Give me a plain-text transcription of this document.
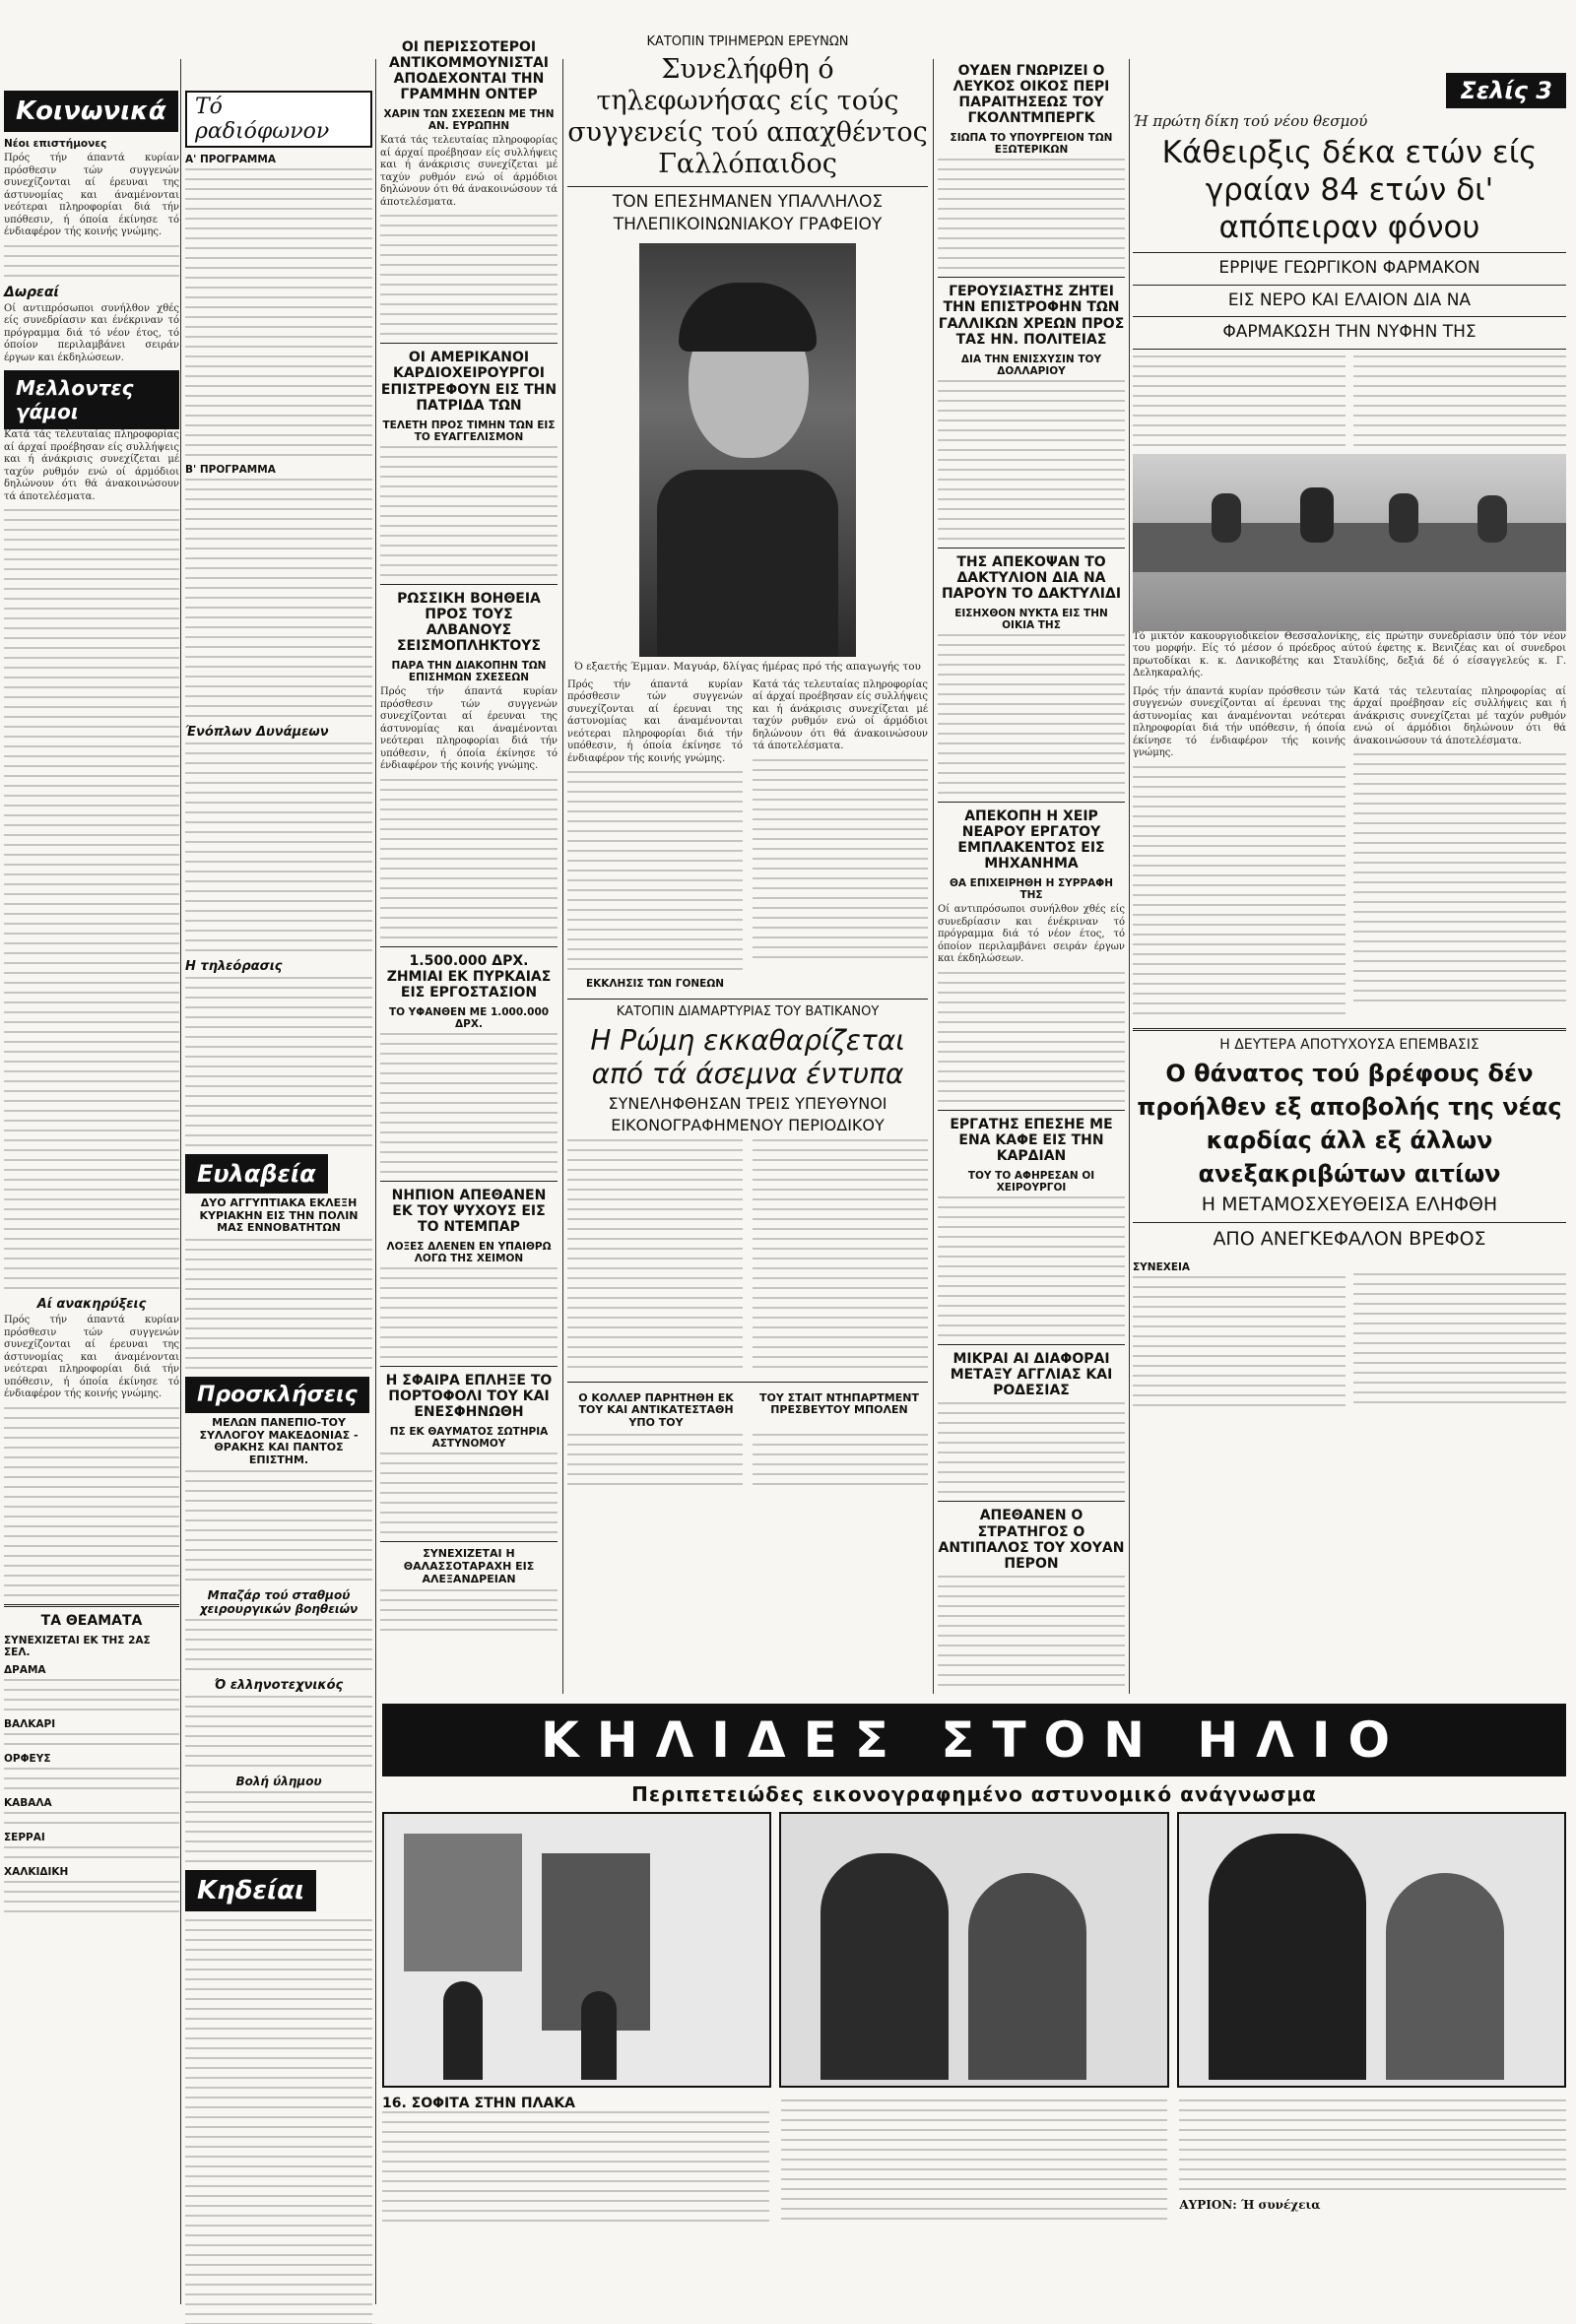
Κοινωνικά
Νέοι επιστήμονες

Πρός τήν άπαντά κυρίαν πρόσθεσιν τών συγγενών συνεχίζονται αί έρευναι της άστυνομίας και άναμένονται νεότεραι πληροφορίαι διά τήν υπόθεσιν, ή όποία έκίνησε τό ένδιαφέρον τής κοινής γνώμης.

Δωρεαί

Οί αντιπρόσωποι συνήλθον χθές είς συνεδρίασιν και ένέκριναν τό πρόγραμμα διά τό νέον έτος, τό όποίον περιλαμβάνει σειράν έργων και έκδηλώσεων.

Μελλοντες γάμοι

Κατά τάς τελευταίας πληροφορίας αί άρχαί προέβησαν είς συλλήψεις και ή άνάκρισις συνεχίζεται μέ ταχύν ρυθμόν ενώ οί άρμόδιοι δηλώνουν ότι θά άνακοινώσουν τά άποτελέσματα.

Αί ανακηρύξεις

Πρός τήν άπαντά κυρίαν πρόσθεσιν τών συγγενών συνεχίζονται αί έρευναι της άστυνομίας και άναμένονται νεότεραι πληροφορίαι διά τήν υπόθεσιν, ή όποία έκίνησε τό ένδιαφέρον τής κοινής γνώμης.

ΤΑ ΘΕΑΜΑΤΑ
ΣΥΝΕΧΙΖΕΤΑΙ ΕΚ ΤΗΣ 2ΑΣ ΣΕΛ.
ΔΡΑΜΑ
ΒΑΛΚΑΡΙ
ΟΡΦΕΥΣ
ΚΑΒΑΛΑ
ΣΕΡΡΑΙ
ΧΑΛΚΙΔΙΚΗ
Τό ραδιόφωνον
Α' ΠΡΟΓΡΑΜΜΑ
Β' ΠΡΟΓΡΑΜΜΑ
Ένόπλων Δυνάμεων
Η τηλεόρασις
Ευλαβεία
ΔΥΟ ΑΓΓΥΠΤΙΑΚΑ ΕΚΛΕΞΗ ΚΥΡΙΑΚΗΝ ΕΙΣ ΤΗΝ ΠΟΛΙΝ ΜΑΣ ΕΝΝΟΒΑΤΗΤΩΝ
Προσκλήσεις
ΜΕΛΩΝ ΠΑΝΕΠΙΟ-ΤΟΥ ΣΥΛΛΟΓΟΥ ΜΑΚΕΔΟΝΙΑΣ - ΘΡΑΚΗΣ ΚΑΙ ΠΑΝΤΟΣ ΕΠΙΣΤΗΜ.
Μπαζάρ τού σταθμού χειρουργικών βοηθειών
Ό ελληνοτεχνικός
Βολή ύλημου
Κηδείαι
ΟΙ ΠΕΡΙΣΣΟΤΕΡΟΙ ΑΝΤΙΚΟΜΜΟΥΝΙΣΤΑΙ ΑΠΟΔΕΧΟΝΤΑΙ ΤΗΝ ΓΡΑΜΜΗΝ ΟΝΤΕΡ
ΧΑΡΙΝ ΤΩΝ ΣΧΕΣΕΩΝ ΜΕ ΤΗΝ ΑΝ. ΕΥΡΩΠΗΝ

Κατά τάς τελευταίας πληροφορίας αί άρχαί προέβησαν είς συλλήψεις και ή άνάκρισις συνεχίζεται μέ ταχύν ρυθμόν ενώ οί άρμόδιοι δηλώνουν ότι θά άνακοινώσουν τά άποτελέσματα.

ΟΙ ΑΜΕΡΙΚΑΝΟΙ ΚΑΡΔΙΟΧΕΙΡΟΥΡΓΟΙ ΕΠΙΣΤΡΕΦΟΥΝ ΕΙΣ ΤΗΝ ΠΑΤΡΙΔΑ ΤΩΝ
ΤΕΛΕΤΗ ΠΡΟΣ ΤΙΜΗΝ ΤΩΝ ΕΙΣ ΤΟ ΕΥΑΓΓΕΛΙΣΜΟΝ
ΡΩΣΣΙΚΗ ΒΟΗΘΕΙΑ ΠΡΟΣ ΤΟΥΣ ΑΛΒΑΝΟΥΣ ΣΕΙΣΜΟΠΛΗΚΤΟΥΣ
ΠΑΡΑ ΤΗΝ ΔΙΑΚΟΠΗΝ ΤΩΝ ΕΠΙΣΗΜΩΝ ΣΧΕΣΕΩΝ

Πρός τήν άπαντά κυρίαν πρόσθεσιν τών συγγενών συνεχίζονται αί έρευναι της άστυνομίας και άναμένονται νεότεραι πληροφορίαι διά τήν υπόθεσιν, ή όποία έκίνησε τό ένδιαφέρον τής κοινής γνώμης.

1.500.000 ΔΡΧ. ΖΗΜΙΑΙ ΕΚ ΠΥΡΚΑΙΑΣ ΕΙΣ ΕΡΓΟΣΤΑΣΙΟΝ
ΤΟ ΥΦΑΝΘΕΝ ΜΕ 1.000.000 ΔΡΧ.
ΝΗΠΙΟΝ ΑΠΕΘΑΝΕΝ ΕΚ ΤΟΥ ΨΥΧΟΥΣ ΕΙΣ ΤΟ ΝΤΕΜΠΑΡ
ΛΟΞΕΣ ΔΛΕΝΕΝ ΕΝ ΥΠΑΙΘΡΩ ΛΟΓΩ ΤΗΣ ΧΕΙΜΟΝ
Η ΣΦΑΙΡΑ ΕΠΛΗΞΕ ΤΟ ΠΟΡΤΟΦΟΛΙ ΤΟΥ ΚΑΙ ΕΝΕΣΦΗΝΩΘΗ
ΠΣ ΕΚ ΘΑΥΜΑΤΟΣ ΣΩΤΗΡΙΑ ΑΣΤΥΝΟΜΟΥ
ΣΥΝΕΧΙΖΕΤΑΙ Η ΘΑΛΑΣΣΟΤΑΡΑΧΗ ΕΙΣ ΑΛΕΞΑΝΔΡΕΙΑΝ
ΚΑΤΟΠΙΝ ΤΡΙΗΜΕΡΩΝ ΕΡΕΥΝΩΝ
Συνελήφθη ό τηλεφωνήσας είς τούς συγγενείς τού απαχθέντος Γαλλόπαιδος
ΤΟΝ ΕΠΕΣΗΜΑΝΕΝ ΥΠΑΛΛΗΛΟΣ
ΤΗΛΕΠΙΚΟΙΝΩΝΙΑΚΟΥ ΓΡΑΦΕΙΟΥ
Ό εξαετής Έμμαν. Μαγυάρ, δλίγας ήμέρας πρό τής απαγωγής του

Πρός τήν άπαντά κυρίαν πρόσθεσιν τών συγγενών συνεχίζονται αί έρευναι της άστυνομίας και άναμένονται νεότεραι πληροφορίαι διά τήν υπόθεσιν, ή όποία έκίνησε τό ένδιαφέρον τής κοινής γνώμης.

ΕΚΚΛΗΣΙΣ ΤΩΝ ΓΟΝΕΩΝ

Κατά τάς τελευταίας πληροφορίας αί άρχαί προέβησαν είς συλλήψεις και ή άνάκρισις συνεχίζεται μέ ταχύν ρυθμόν ενώ οί άρμόδιοι δηλώνουν ότι θά άνακοινώσουν τά άποτελέσματα.

ΚΑΤΟΠΙΝ ΔΙΑΜΑΡΤΥΡΙΑΣ ΤΟΥ ΒΑΤΙΚΑΝΟΥ
Η Ρώμη εκκαθαρίζεται από τά άσεμνα έντυπα
ΣΥΝΕΛΗΦΘΗΣΑΝ ΤΡΕΙΣ ΥΠΕΥΘΥΝΟΙ
ΕΙΚΟΝΟΓΡΑΦΗΜΕΝΟΥ ΠΕΡΙΟΔΙΚΟΥ
Ο ΚΟΛΛΕΡ ΠΑΡΗΤΗΘΗ ΕΚ ΤΟΥ ΚΑΙ ΑΝΤΙΚΑΤΕΣΤΑΘΗ ΥΠΟ ΤΟΥ
ΤΟΥ ΣΤΑΙΤ ΝΤΗΠΑΡΤΜΕΝΤ ΠΡΕΣΒΕΥΤΟΥ ΜΠΟΛΕΝ
ΟΥΔΕΝ ΓΝΩΡΙΖΕΙ Ο ΛΕΥΚΟΣ ΟΙΚΟΣ ΠΕΡΙ ΠΑΡΑΙΤΗΣΕΩΣ ΤΟΥ ΓΚΟΛΝΤΜΠΕΡΓΚ
ΣΙΩΠΑ ΤΟ ΥΠΟΥΡΓΕΙΟΝ ΤΩΝ ΕΞΩΤΕΡΙΚΩΝ
ΓΕΡΟΥΣΙΑΣΤΗΣ ΖΗΤΕΙ ΤΗΝ ΕΠΙΣΤΡΟΦΗΝ ΤΩΝ ΓΑΛΛΙΚΩΝ ΧΡΕΩΝ ΠΡΟΣ ΤΑΣ ΗΝ. ΠΟΛΙΤΕΙΑΣ
ΔΙΑ ΤΗΝ ΕΝΙΣΧΥΣΙΝ ΤΟΥ ΔΟΛΛΑΡΙΟΥ
ΤΗΣ ΑΠΕΚΟΨΑΝ ΤΟ ΔΑΚΤΥΛΙΟΝ ΔΙΑ ΝΑ ΠΑΡΟΥΝ ΤΟ ΔΑΚΤΥΛΙΔΙ
ΕΙΣΗΧΘΟΝ ΝΥΚΤΑ ΕΙΣ ΤΗΝ ΟΙΚΙΑ ΤΗΣ
ΑΠΕΚΟΠΗ Η ΧΕΙΡ ΝΕΑΡΟΥ ΕΡΓΑΤΟΥ ΕΜΠΛΑΚΕΝΤΟΣ ΕΙΣ ΜΗΧΑΝΗΜΑ
ΘΑ ΕΠΙΧΕΙΡΗΘΗ Η ΣΥΡΡΑΦΗ ΤΗΣ

Οί αντιπρόσωποι συνήλθον χθές είς συνεδρίασιν και ένέκριναν τό πρόγραμμα διά τό νέον έτος, τό όποίον περιλαμβάνει σειράν έργων και έκδηλώσεων.

ΕΡΓΑΤΗΣ ΕΠΕΣΗΕ ΜΕ ΕΝΑ ΚΑΦΕ ΕΙΣ ΤΗΝ ΚΑΡΔΙΑΝ
ΤΟΥ ΤΟ ΑΦΗΡΕΣΑΝ ΟΙ ΧΕΙΡΟΥΡΓΟΙ
ΜΙΚΡΑΙ ΑΙ ΔΙΑΦΟΡΑΙ ΜΕΤΑΞΥ ΑΓΓΛΙΑΣ ΚΑΙ ΡΟΔΕΣΙΑΣ
ΑΠΕΘΑΝΕΝ Ο ΣΤΡΑΤΗΓΟΣ Ο ΑΝΤΙΠΑΛΟΣ ΤΟΥ ΧΟΥΑΝ ΠΕΡΟΝ
Σελίς 3
Ή πρώτη δίκη τού νέου θεσμού
Κάθειρξις δέκα ετών είς γραίαν 84 ετών δι' απόπειραν φόνου
ΕΡΡΙΨΕ ΓΕΩΡΓΙΚΟΝ ΦΑΡΜΑΚΟΝ
ΕΙΣ ΝΕΡΟ ΚΑΙ ΕΛΑΙΟΝ ΔΙΑ ΝΑ
ΦΑΡΜΑΚΩΣΗ ΤΗΝ ΝΥΦΗΝ ΤΗΣ
Τό μικτόν κακουργιοδικείον Θεσσαλονίκης, είς πρώτην συνεδρίασιν ύπό τόν νέον του μορφήν. Είς τό μέσον ό πρόεδρος αύτού έφετης κ. Βενιζέας και οί συνεδροι πρωτοδίκαι κ. κ. Δανικοβέτης και Σταυλίδης, δεξιά δέ ό είσαγγελεύς κ. Γ. Δεληκαραλής.

Πρός τήν άπαντά κυρίαν πρόσθεσιν τών συγγενών συνεχίζονται αί έρευναι της άστυνομίας και άναμένονται νεότεραι πληροφορίαι διά τήν υπόθεσιν, ή όποία έκίνησε τό ένδιαφέρον τής κοινής γνώμης.

Κατά τάς τελευταίας πληροφορίας αί άρχαί προέβησαν είς συλλήψεις και ή άνάκρισις συνεχίζεται μέ ταχύν ρυθμόν ενώ οί άρμόδιοι δηλώνουν ότι θά άνακοινώσουν τά άποτελέσματα.

Η ΔΕΥΤΕΡΑ ΑΠΟΤΥΧΟΥΣΑ ΕΠΕΜΒΑΣΙΣ
Ο θάνατος τού βρέφους δέν προήλθεν εξ αποβολής της νέας καρδίας άλλ εξ άλλων ανεξακριβώτων αιτίων
Η ΜΕΤΑΜΟΣΧΕΥΘΕΙΣΑ ΕΛΗΦΘΗ
ΑΠΟ ΑΝΕΓΚΕΦΑΛΟΝ ΒΡΕΦΟΣ
ΣΥΝΕΧΕΙΑ
ΚΗΛΙΔΕΣ ΣΤΟΝ ΗΛΙΟ
Περιπετειώδες εικονογραφημένο αστυνομικό ανάγνωσμα
16. ΣΟΦΙΤΑ ΣΤΗΝ ΠΛΑΚΑ
ΑΥΡΙΟΝ: Ή συνέχεια
